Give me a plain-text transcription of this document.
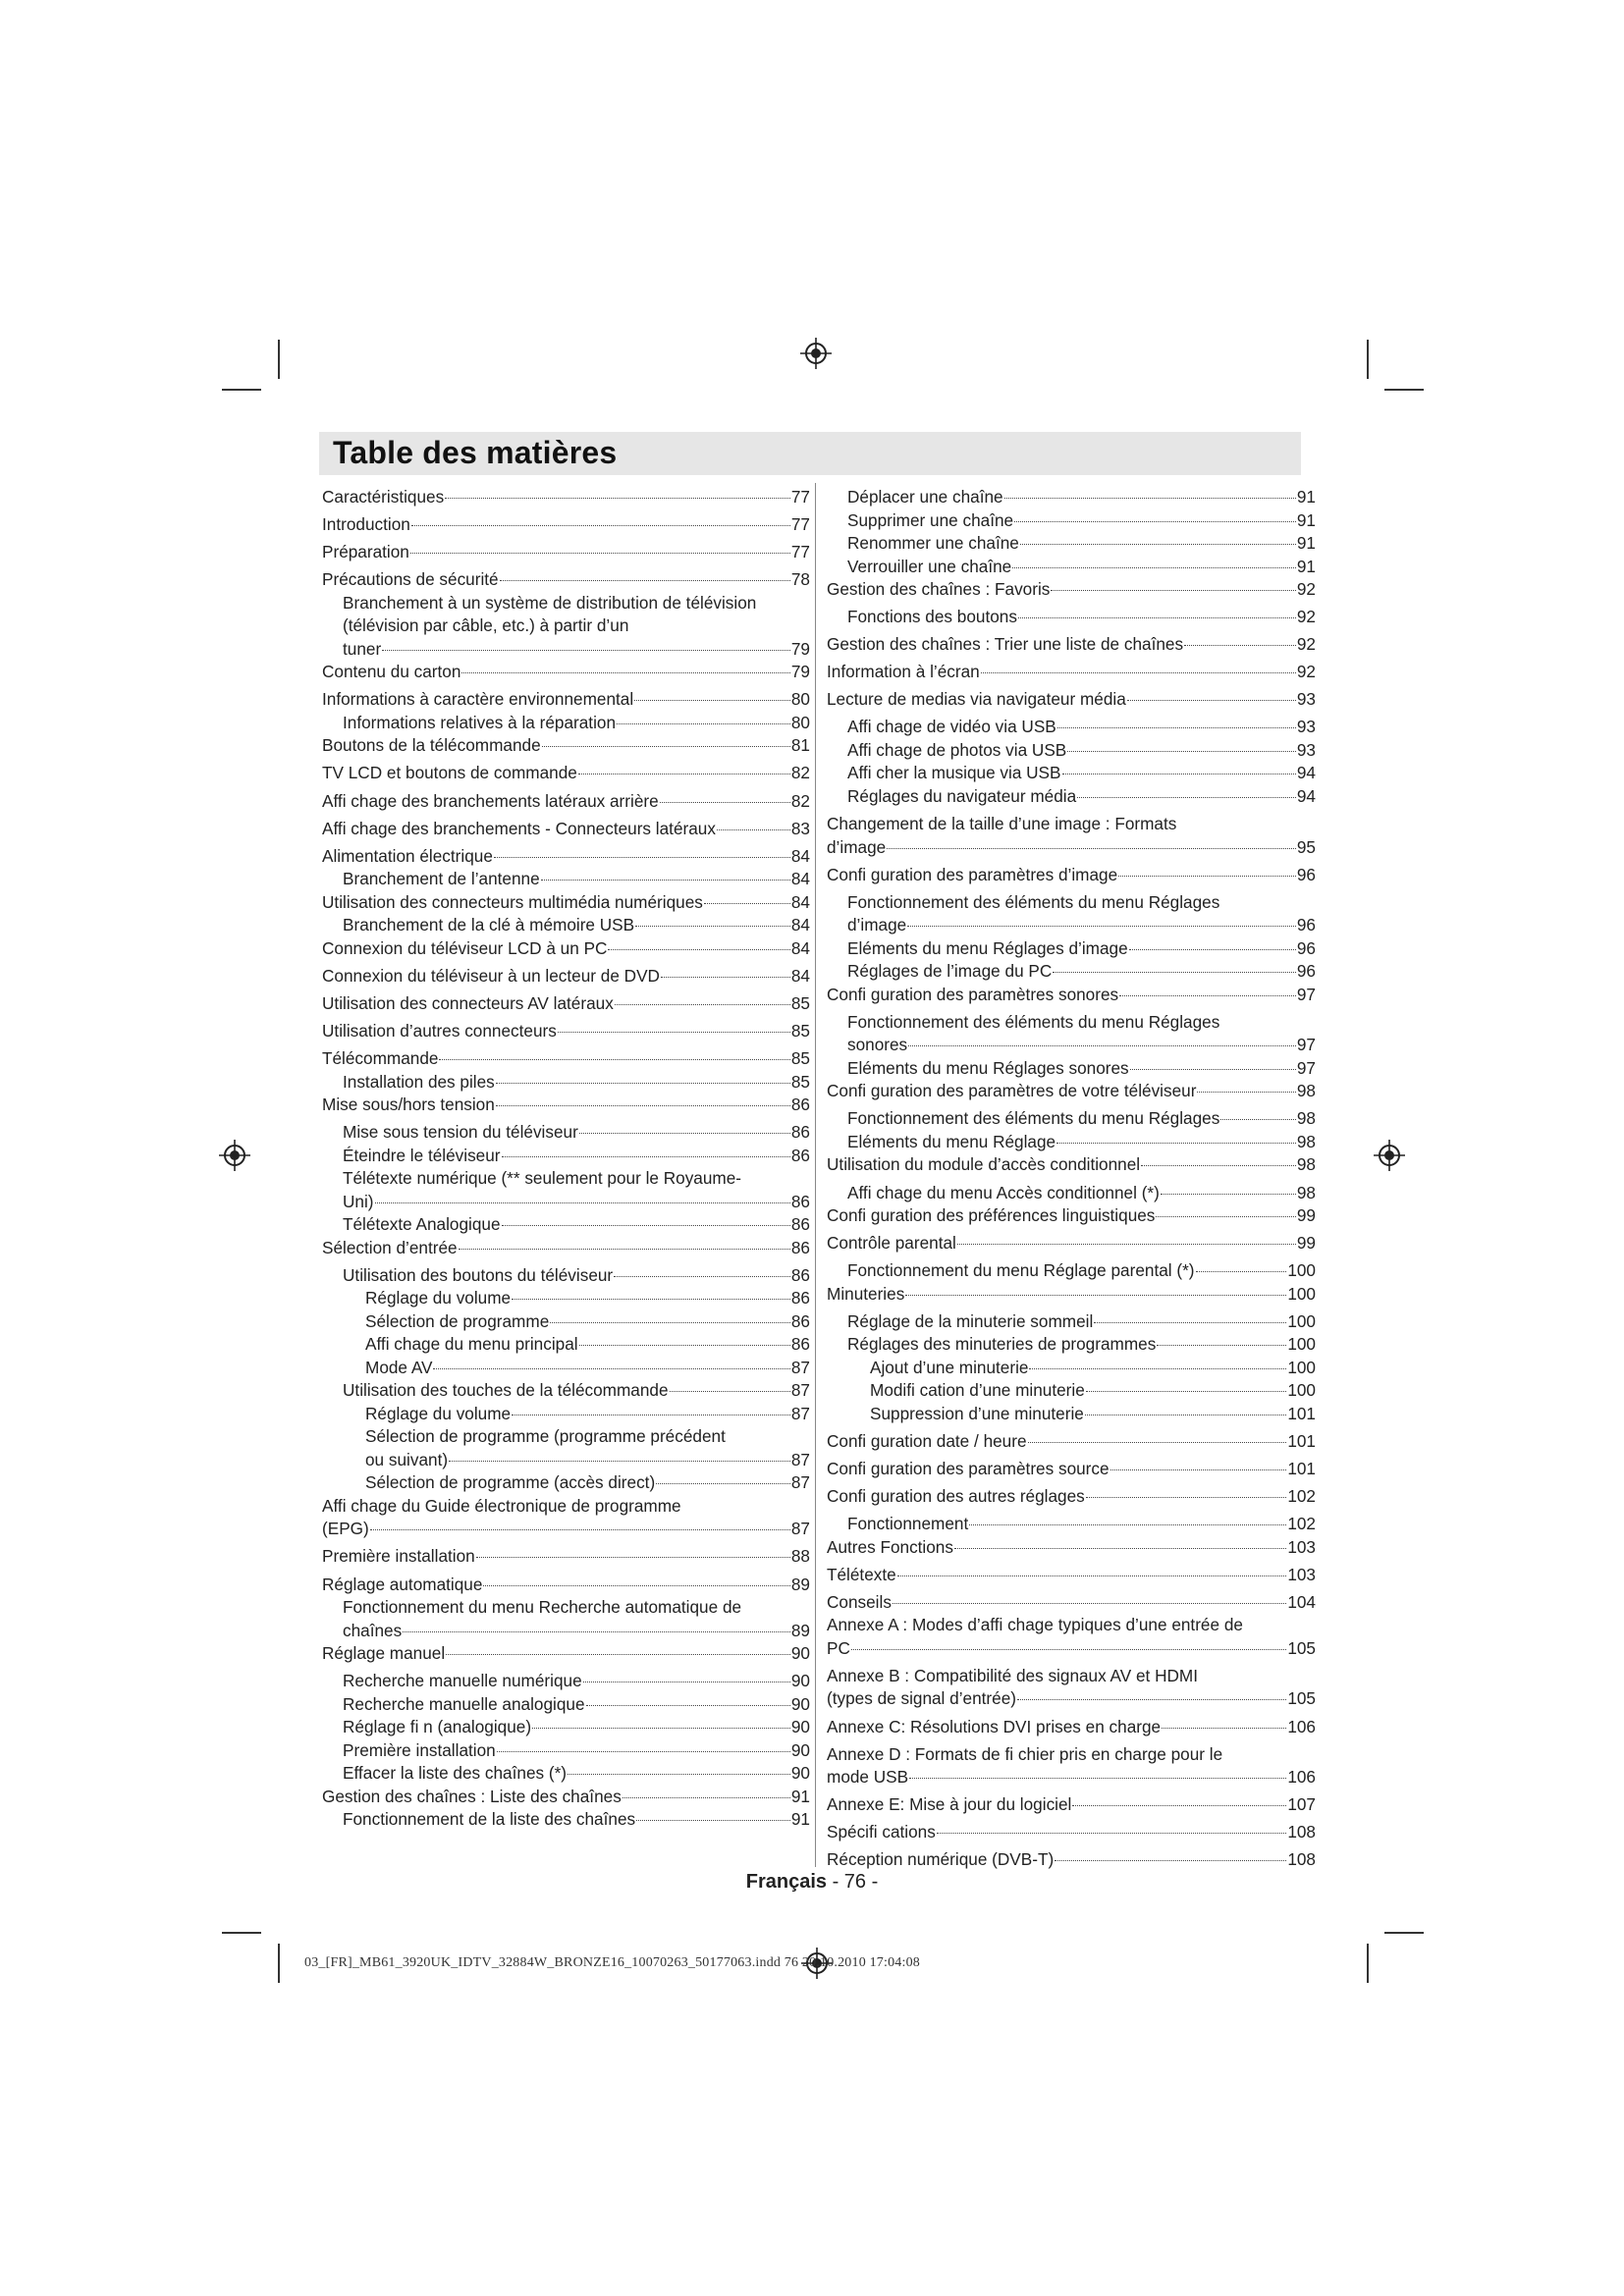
Table des matières
Caractéristiques	77
Introduction	77
Préparation	77
Précautions de sécurité	78
Branchement à un système de distribution de télévision (télévision par câble, etc.) à partir d’un
tuner	79
Contenu du carton	79
Informations à caractère environnemental	80
Informations relatives à la réparation	80
Boutons de la télécommande	81
TV LCD et boutons de commande	82
Affi chage des branchements latéraux arrière	82
Affi chage des branchements - Connecteurs latéraux	83
Alimentation électrique	84
Branchement de l’antenne	84
Utilisation des connecteurs multimédia numériques	84
Branchement de la clé à mémoire USB	84
Connexion du téléviseur LCD à un PC	84
Connexion du téléviseur à un lecteur de DVD	84
Utilisation des connecteurs AV latéraux	85
Utilisation d’autres connecteurs	85
Télécommande	85
Installation des piles	85
Mise sous/hors tension	86
Mise sous tension du téléviseur	86
Éteindre le téléviseur	86
Télétexte numérique (** seulement pour le Royaume-
Uni)	86
Télétexte Analogique	86
Sélection d’entrée	86
Utilisation des boutons du téléviseur	86
Réglage du volume	86
Sélection de programme	86
Affi chage du menu principal	86
Mode AV	87
Utilisation des touches de la télécommande	87
Réglage du volume	87
Sélection de programme (programme précédent
ou suivant)	87
Sélection de programme (accès direct)	87
Affi chage du Guide électronique de programme
(EPG)	87
Première installation	88
Réglage automatique	89
Fonctionnement du menu Recherche automatique de
chaînes	89
Réglage manuel	90
Recherche manuelle numérique	90
Recherche manuelle analogique	90
Réglage fi n (analogique)	90
Première installation	90
Effacer la liste des chaînes (*)	90
Gestion des chaînes : Liste des chaînes	91
Fonctionnement de la liste des chaînes	91
Déplacer une chaîne	91
Supprimer une chaîne	91
Renommer une chaîne	91
Verrouiller une chaîne	91
Gestion des chaînes : Favoris	92
Fonctions des boutons	92
Gestion des chaînes : Trier une liste de chaînes	92
Information à l’écran	92
Lecture de medias via navigateur média	93
Affi chage de vidéo via USB	93
Affi chage de photos via USB	93
Affi cher la musique via USB	94
Réglages du navigateur média	94
Changement de la taille d’une image : Formats
d’image	95
Confi guration des paramètres d’image	96
Fonctionnement des éléments du menu Réglages
d’image	96
Eléments du menu Réglages d’image	96
Réglages de l’image du PC	96
Confi guration des paramètres sonores	97
Fonctionnement des éléments du menu Réglages
sonores	97
Eléments du menu Réglages sonores	97
Confi guration des paramètres de votre téléviseur	98
Fonctionnement des éléments du menu Réglages	98
Eléments du menu Réglage	98
Utilisation du module d’accès conditionnel	98
Affi chage du menu Accès conditionnel (*)	98
Confi guration des préférences linguistiques	99
Contrôle parental	99
Fonctionnement du menu Réglage parental (*)	100
Minuteries	100
Réglage de la minuterie sommeil	100
Réglages des minuteries de programmes	100
Ajout d’une minuterie	100
Modifi cation d’une minuterie	100
Suppression d’une minuterie	101
Confi guration date / heure	101
Confi guration des paramètres source	101
Confi guration des autres réglages	102
Fonctionnement	102
Autres Fonctions	103
Télétexte	103
Conseils	104
Annexe A : Modes d’affi chage typiques d’une entrée de
PC	105
Annexe B : Compatibilité des signaux AV et HDMI
(types de signal d’entrée)	105
Annexe C: Résolutions DVI prises en charge	106
Annexe D : Formats de fi chier pris en charge pour le
mode USB	106
Annexe E: Mise à jour du logiciel	107
Spécifi cations	108
Réception numérique (DVB-T)	108
Français - 76 -
03_[FR]_MB61_3920UK_IDTV_32884W_BRONZE16_10070263_50177063.indd 76 20.10.2010 17:04:08
